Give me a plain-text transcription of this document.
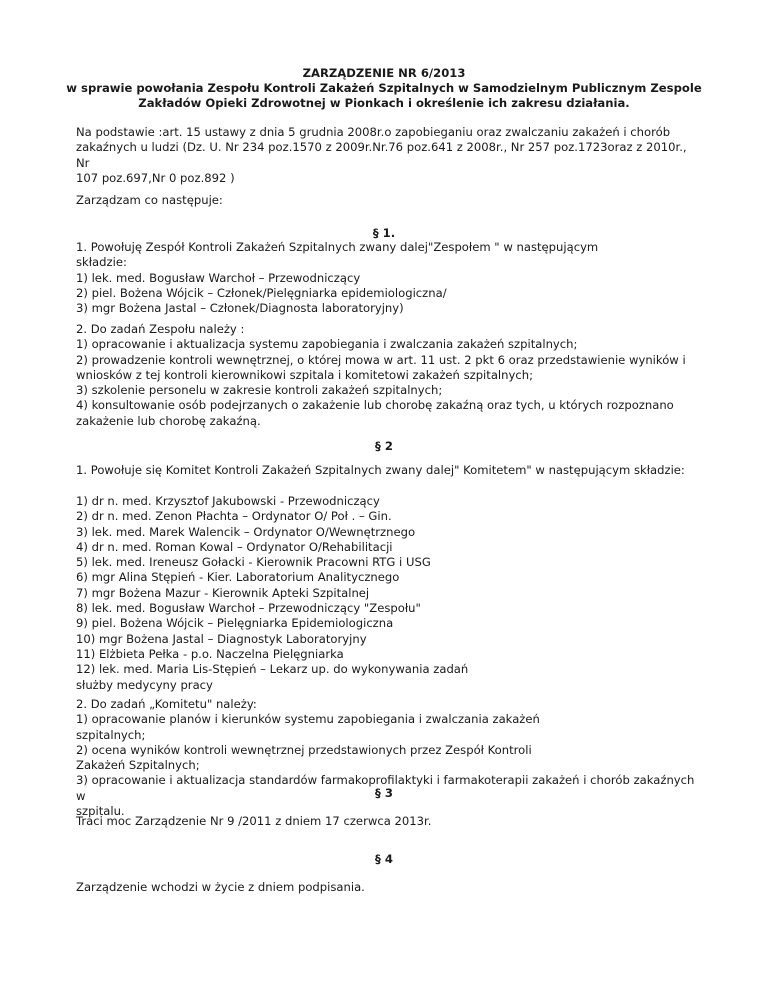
ZARZĄDZENIE NR 6/2013
w sprawie powołania Zespołu Kontroli Zakażeń Szpitalnych w Samodzielnym Publicznym Zespole
Zakładów Opieki Zdrowotnej w Pionkach i określenie ich zakresu działania.

Na podstawie :art. 15 ustawy z dnia 5 grudnia 2008r.o zapobieganiu oraz zwalczaniu zakażeń i chorób
zakaźnych u ludzi (Dz. U. Nr 234 poz.1570 z 2009r.Nr.76 poz.641 z 2008r., Nr 257 poz.1723oraz z 2010r., Nr
107 poz.697,Nr 0 poz.892 )

Zarządzam co następuje:

§ 1.

1. Powołuję Zespół Kontroli Zakażeń Szpitalnych zwany dalej"Zespołem " w następującym
składzie:
1) lek. med. Bogusław Warchoł – Przewodniczący
2) piel. Bożena Wójcik – Członek/Pielęgniarka epidemiologiczna/
3) mgr Bożena Jastal – Członek/Diagnosta laboratoryjny)

2. Do zadań Zespołu należy :
1) opracowanie i aktualizacja systemu zapobiegania i zwalczania zakażeń szpitalnych;
2) prowadzenie kontroli wewnętrznej, o której mowa w art. 11 ust. 2 pkt 6 oraz przedstawienie wyników i
wniosków z tej kontroli kierownikowi szpitala i komitetowi zakażeń szpitalnych;
3) szkolenie personelu w zakresie kontroli zakażeń szpitalnych;
4) konsultowanie osób podejrzanych o zakażenie lub chorobę zakaźną oraz tych, u których rozpoznano
zakażenie lub chorobę zakaźną.

§ 2

1. Powołuje się Komitet Kontroli Zakażeń Szpitalnych zwany dalej" Komitetem" w następującym składzie:

1) dr n. med. Krzysztof Jakubowski - Przewodniczący
2) dr n. med. Zenon Płachta – Ordynator O/ Poł . – Gin.
3) lek. med. Marek Walencik – Ordynator O/Wewnętrznego
4) dr n. med. Roman Kowal – Ordynator O/Rehabilitacji
5) lek. med. Ireneusz Gołacki - Kierownik Pracowni RTG i USG
6) mgr Alina Stępień - Kier. Laboratorium Analitycznego
7) mgr Bożena Mazur - Kierownik Apteki Szpitalnej
8) lek. med. Bogusław Warchoł – Przewodniczący "Zespołu"
9) piel. Bożena Wójcik – Pielęgniarka Epidemiologiczna
10) mgr Bożena Jastal – Diagnostyk Laboratoryjny
11) Elżbieta Pełka - p.o. Naczelna Pielęgniarka
12) lek. med. Maria Lis-Stępień – Lekarz up. do wykonywania zadań
służby medycyny pracy

2. Do zadań „Komitetu" należy:
1) opracowanie planów i kierunków systemu zapobiegania i zwalczania zakażeń
szpitalnych;
2) ocena wyników kontroli wewnętrznej przedstawionych przez Zespół Kontroli
Zakażeń Szpitalnych;
3) opracowanie i aktualizacja standardów farmakoprofilaktyki i farmakoterapii zakażeń i chorób zakaźnych w
szpitalu.

§ 3

Traci moc Zarządzenie Nr 9 /2011 z dniem 17 czerwca 2013r.

§ 4

Zarządzenie wchodzi w życie z dniem podpisania.
